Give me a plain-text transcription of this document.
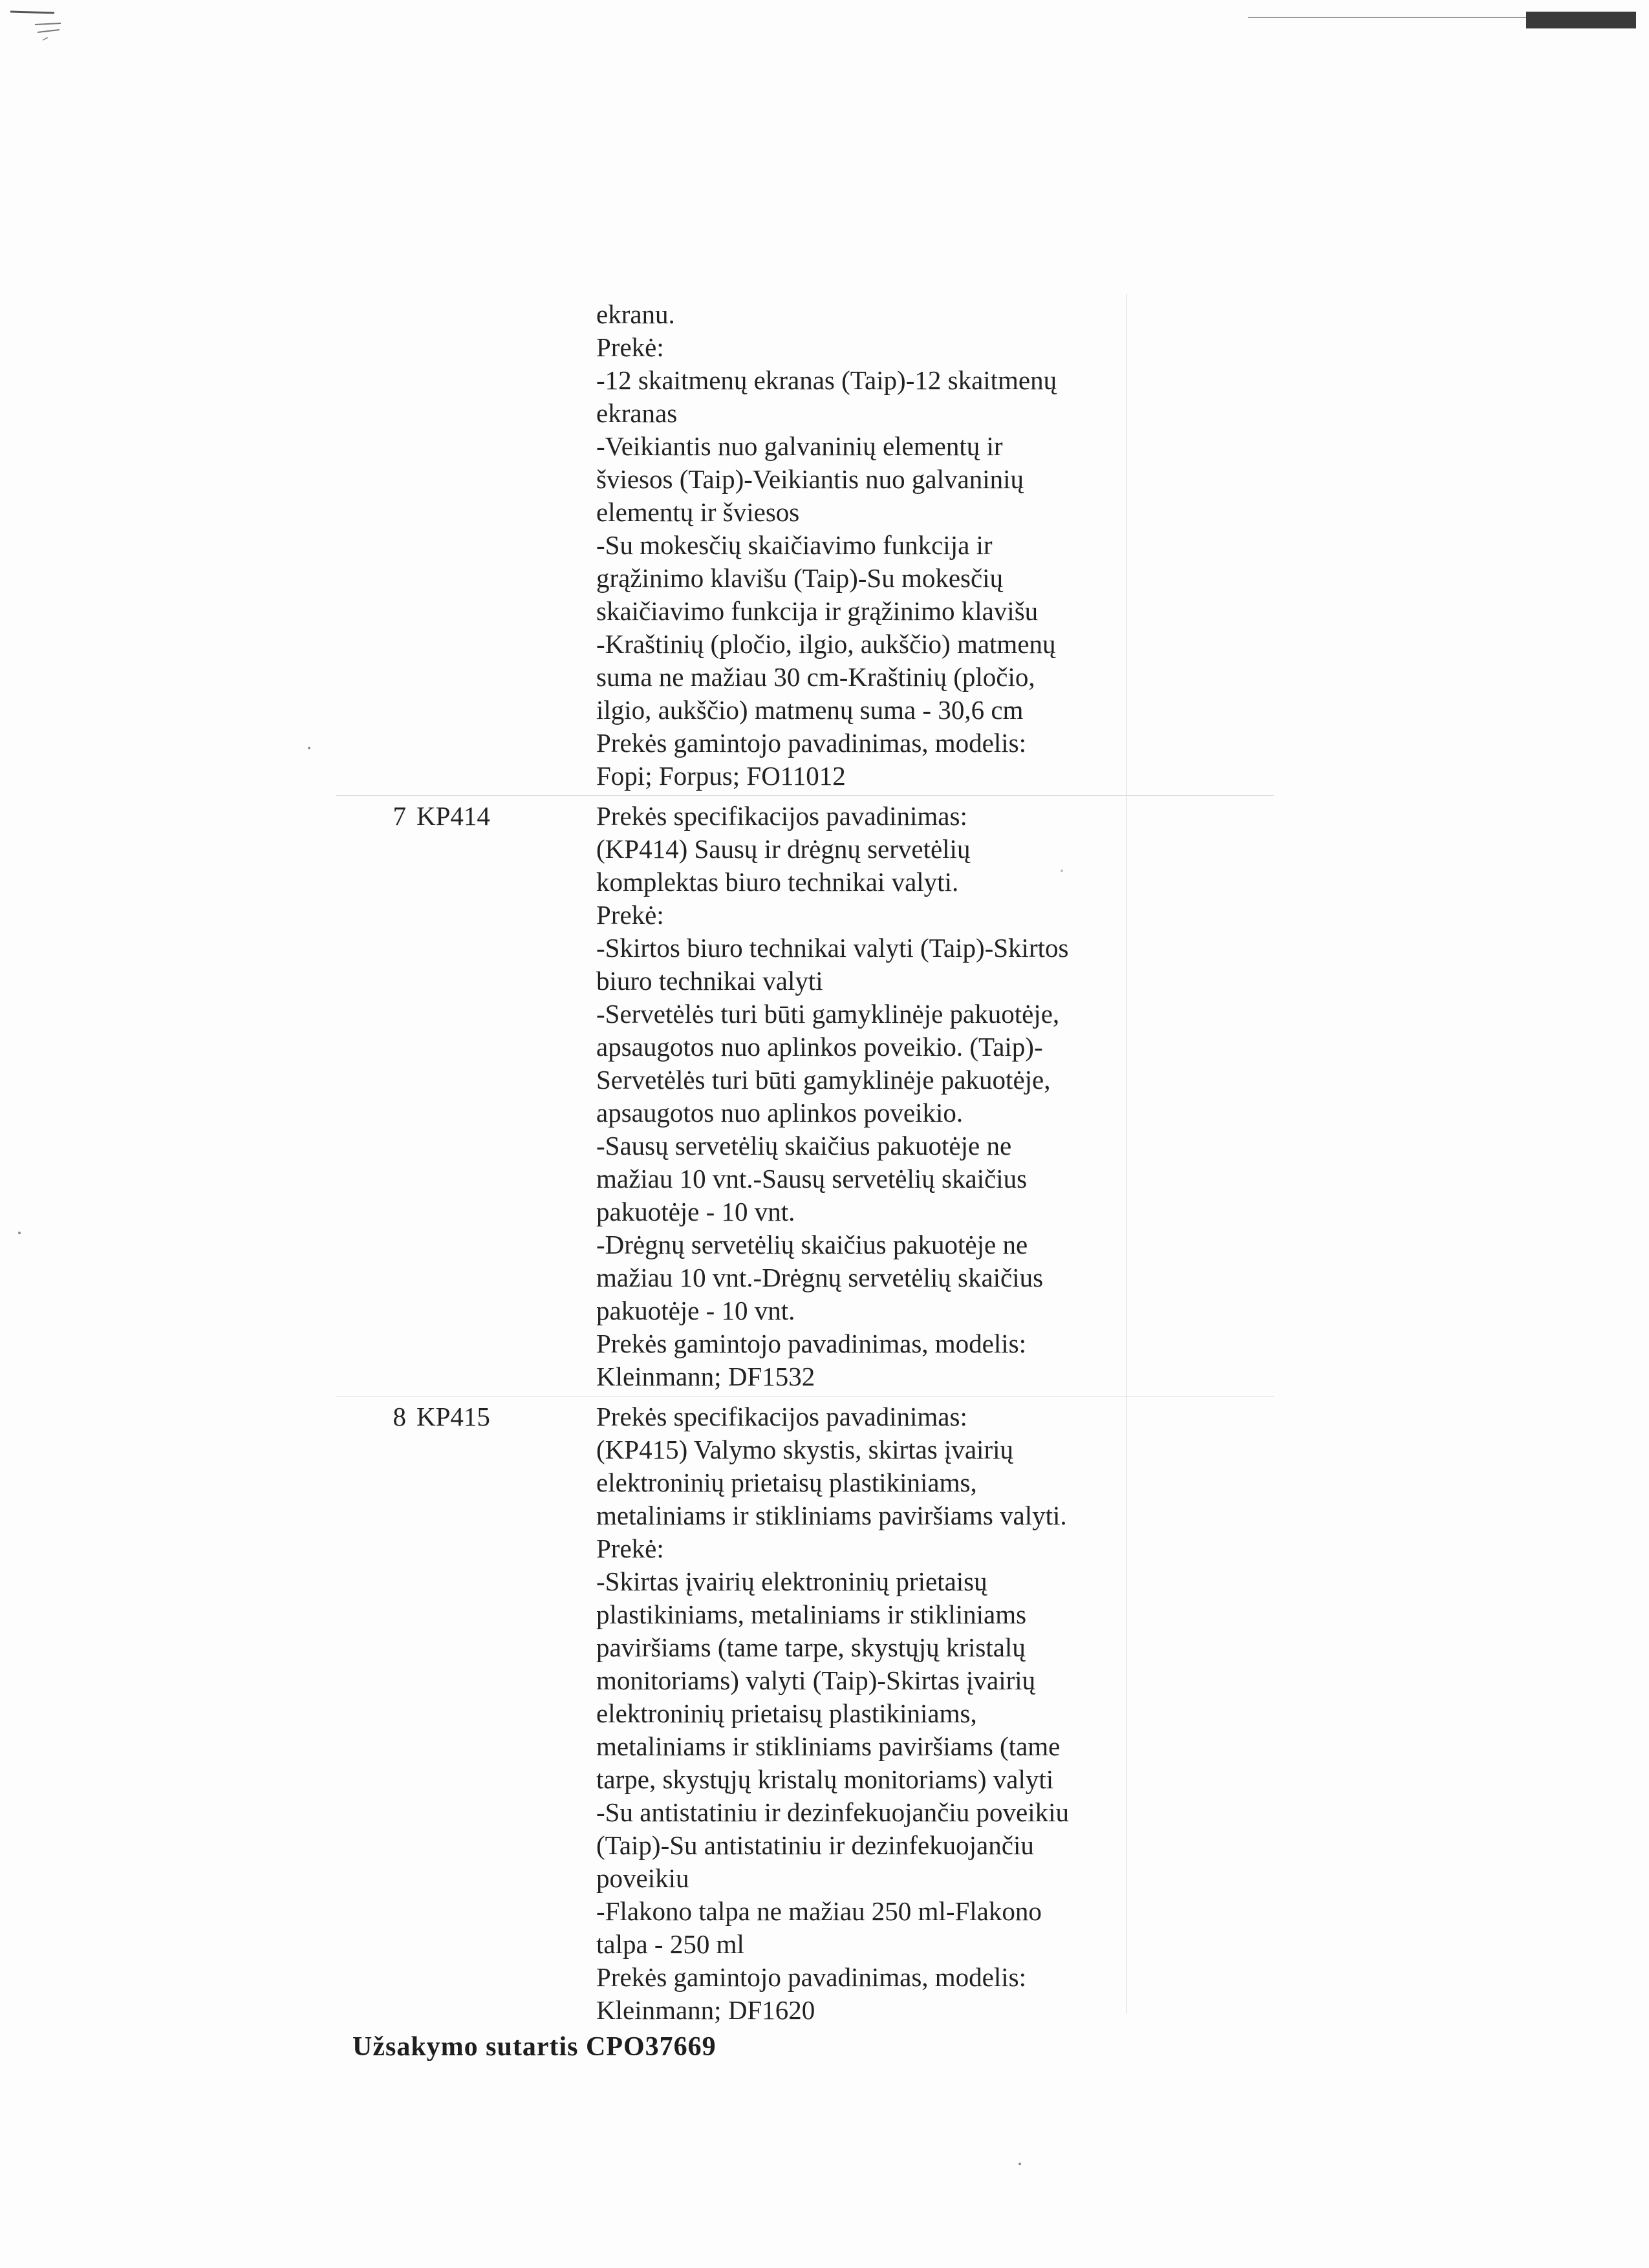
ekranu.
Prekė:
-12 skaitmenų ekranas (Taip)-12 skaitmenų
ekranas
-Veikiantis nuo galvaninių elementų ir
šviesos (Taip)-Veikiantis nuo galvaninių
elementų ir šviesos
-Su mokesčių skaičiavimo funkcija ir
grąžinimo klavišu (Taip)-Su mokesčių
skaičiavimo funkcija ir grąžinimo klavišu
-Kraštinių (pločio, ilgio, aukščio) matmenų
suma ne mažiau 30 cm-Kraštinių (pločio,
ilgio, aukščio) matmenų suma - 30,6 cm
Prekės gamintojo pavadinimas, modelis:
Fopi; Forpus; FO11012
7 KP414	Prekės specifikacijos pavadinimas:
(KP414) Sausų ir drėgnų servetėlių
komplektas biuro technikai valyti.
Prekė:
-Skirtos biuro technikai valyti (Taip)-Skirtos
biuro technikai valyti
-Servetėlės turi būti gamyklinėje pakuotėje,
apsaugotos nuo aplinkos poveikio. (Taip)-
Servetėlės turi būti gamyklinėje pakuotėje,
apsaugotos nuo aplinkos poveikio.
-Sausų servetėlių skaičius pakuotėje ne
mažiau 10 vnt.-Sausų servetėlių skaičius
pakuotėje - 10 vnt.
-Drėgnų servetėlių skaičius pakuotėje ne
mažiau 10 vnt.-Drėgnų servetėlių skaičius
pakuotėje - 10 vnt.
Prekės gamintojo pavadinimas, modelis:
Kleinmann; DF1532
8 KP415	Prekės specifikacijos pavadinimas:
(KP415) Valymo skystis, skirtas įvairių
elektroninių prietaisų plastikiniams,
metaliniams ir stikliniams paviršiams valyti.
Prekė:
-Skirtas įvairių elektroninių prietaisų
plastikiniams, metaliniams ir stikliniams
paviršiams (tame tarpe, skystųjų kristalų
monitoriams) valyti (Taip)-Skirtas įvairių
elektroninių prietaisų plastikiniams,
metaliniams ir stikliniams paviršiams (tame
tarpe, skystųjų kristalų monitoriams) valyti
-Su antistatiniu ir dezinfekuojančiu poveikiu
(Taip)-Su antistatiniu ir dezinfekuojančiu
poveikiu
-Flakono talpa ne mažiau 250 ml-Flakono
talpa - 250 ml
Prekės gamintojo pavadinimas, modelis:
Kleinmann; DF1620
Užsakymo sutartis CPO37669
